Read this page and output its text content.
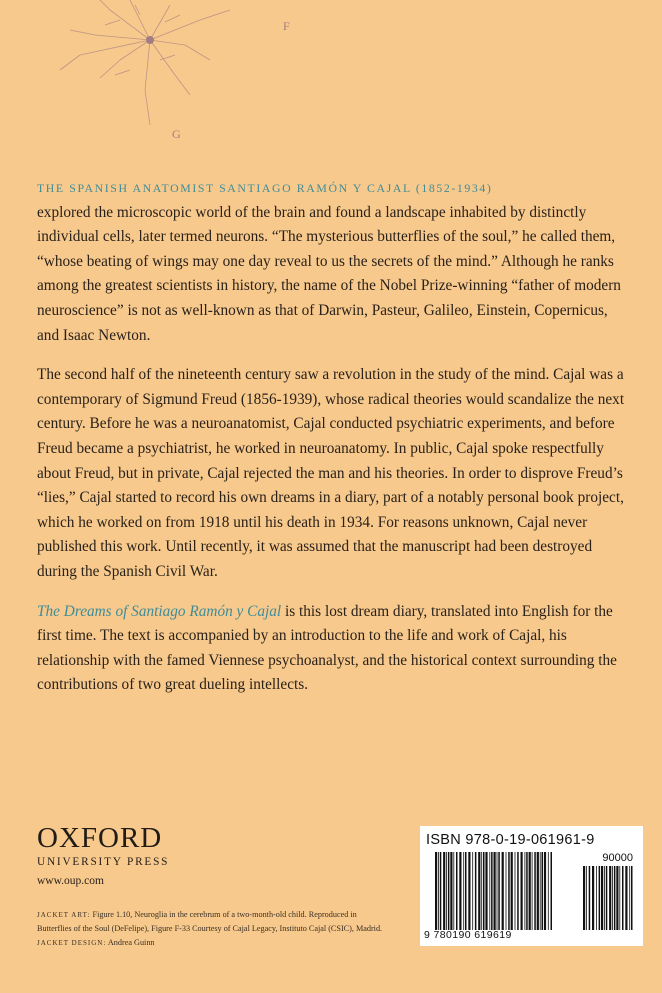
F
G

THE SPANISH ANATOMIST SANTIAGO RAMÓN Y CAJAL (1852-1934)
explored the microscopic world of the brain and found a landscape inhabited by distinctly individual cells, later termed neurons. “The mysterious butterflies of the soul,” he called them, “whose beating of wings may one day reveal to us the secrets of the mind.” Although he ranks among the greatest scientists in history, the name of the Nobel Prize-winning “father of modern neuroscience” is not as well-known as that of Darwin, Pasteur, Galileo, Einstein, Copernicus, and Isaac Newton.

The second half of the nineteenth century saw a revolution in the study of the mind. Cajal was a contemporary of Sigmund Freud (1856-1939), whose radical theories would scandalize the next century. Before he was a neuroanatomist, Cajal conducted psychiatric experiments, and before Freud became a psychiatrist, he worked in neuroanatomy. In public, Cajal spoke respectfully about Freud, but in private, Cajal rejected the man and his theories. In order to disprove Freud’s “lies,” Cajal started to record his own dreams in a diary, part of a notably personal book project, which he worked on from 1918 until his death in 1934. For reasons unknown, Cajal never published this work. Until recently, it was assumed that the manuscript had been destroyed during the Spanish Civil War.

The Dreams of Santiago Ramón y Cajal is this lost dream diary, translated into English for the first time. The text is accompanied by an introduction to the life and work of Cajal, his relationship with the famed Viennese psychoanalyst, and the historical context surrounding the contributions of two great dueling intellects.

OXFORD
UNIVERSITY PRESS
www.oup.com
JACKET ART: Figure 1.10, Neuroglia in the cerebrum of a two-month-old child. Reproduced in Butterflies of the Soul (DeFelipe), Figure F-33 Courtesy of Cajal Legacy, Instituto Cajal (CSIC), Madrid. JACKET DESIGN: Andrea Guinn
ISBN 978-0-19-061961-9
90000
9 780190 619619
